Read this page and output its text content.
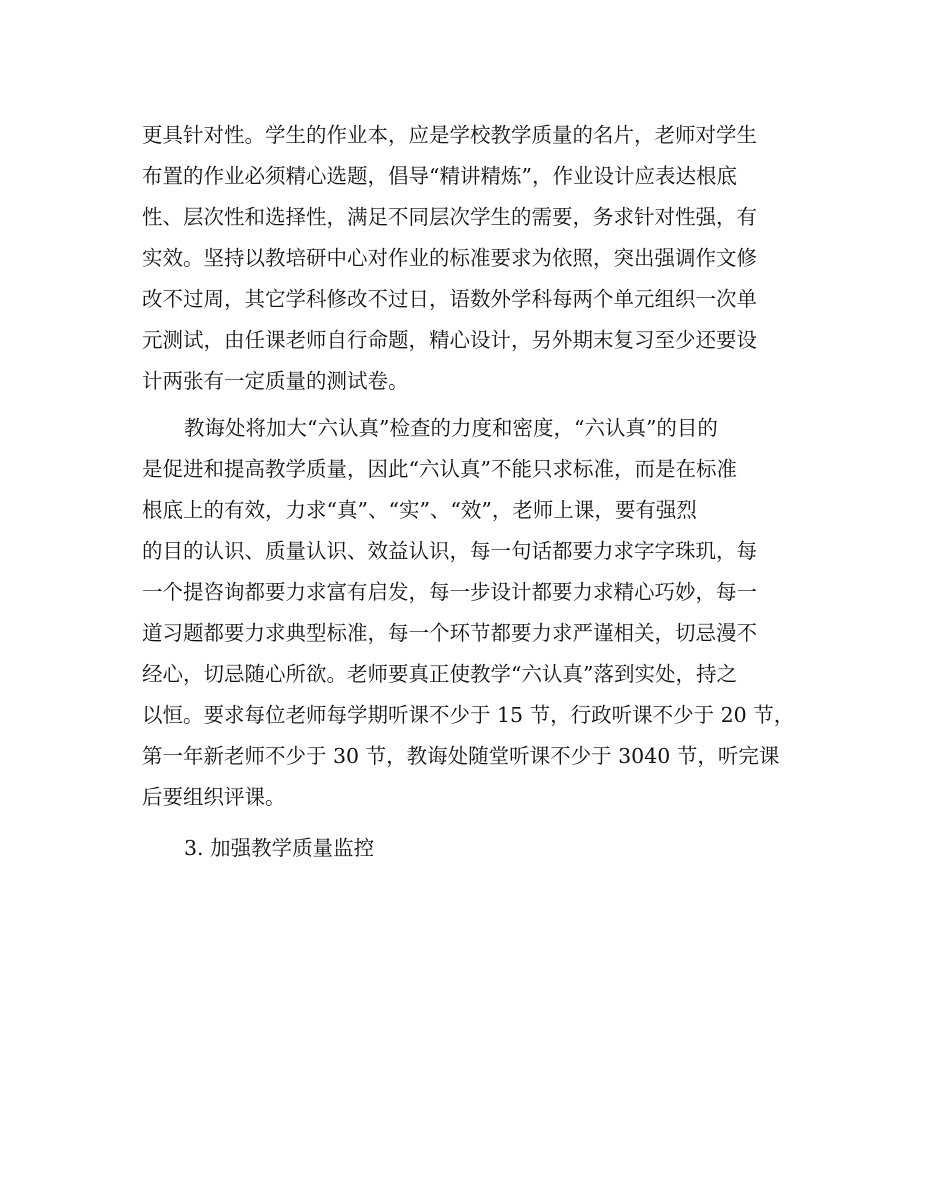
更具针对性。学生的作业本，应是学校教学质量的名片，老师对学生
布置的作业必须精心选题，倡导“精讲精炼”，作业设计应表达根底
性、层次性和选择性，满足不同层次学生的需要，务求针对性强，有
实效。坚持以教培研中心对作业的标准要求为依照，突出强调作文修
改不过周，其它学科修改不过日，语数外学科每两个单元组织一次单
元测试，由任课老师自行命题，精心设计，另外期末复习至少还要设
计两张有一定质量的测试卷。
教诲处将加大“六认真”检查的力度和密度，“六认真”的目的
是促进和提高教学质量，因此“六认真”不能只求标准，而是在标准
根底上的有效，力求“真”、“实”、“效”，老师上课，要有强烈
的目的认识、质量认识、效益认识，每一句话都要力求字字珠玑，每
一个提咨询都要力求富有启发，每一步设计都要力求精心巧妙，每一
道习题都要力求典型标准，每一个环节都要力求严谨相关，切忌漫不
经心，切忌随心所欲。老师要真正使教学“六认真”落到实处，持之
以恒。要求每位老师每学期听课不少于 15 节，行政听课不少于 20 节，
第一年新老师不少于 30 节，教诲处随堂听课不少于 3040 节，听完课
后要组织评课。
3. 加强教学质量监控
